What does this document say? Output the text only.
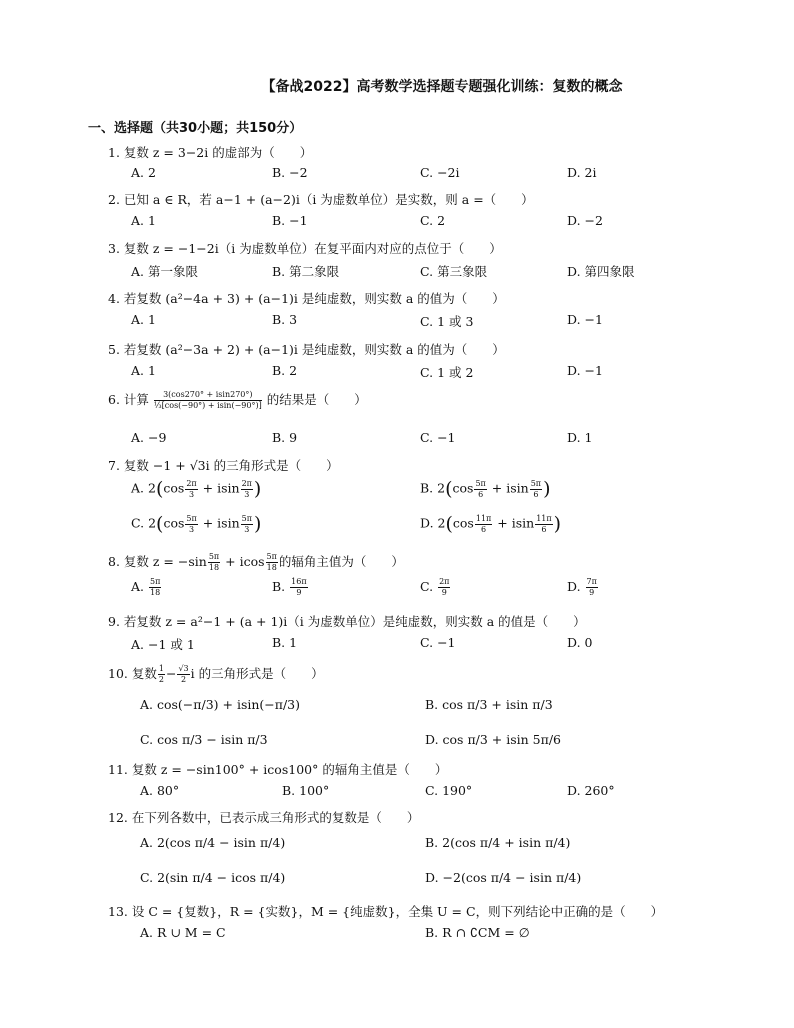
【备战2022】高考数学选择题专题强化训练：复数的概念
一、选择题（共30小题；共150分）
1. 复数 z = 3−2i 的虚部为（　　）
A. 2	B. −2	C. −2i	D. 2i
2. 已知 a ∈ R，若 a−1 + (a−2)i（i 为虚数单位）是实数，则 a =（　　）
A. 1	B. −1	C. 2	D. −2
3. 复数 z = −1−2i（i 为虚数单位）在复平面内对应的点位于（　　）
A. 第一象限	B. 第二象限	C. 第三象限	D. 第四象限
4. 若复数 (a²−4a + 3) + (a−1)i 是纯虚数，则实数 a 的值为（　　）
A. 1	B. 3	C. 1 或 3	D. −1
5. 若复数 (a²−3a + 2) + (a−1)i 是纯虚数，则实数 a 的值为（　　）
A. 1	B. 2	C. 1 或 2	D. −1
6. 计算 $\frac{3(\cos 270^\circ + isin270^\circ)}{\text{⅓[cos(−90°) + isin(−90°)]}}$ 的结果是（　　）
A. −9	B. 9	C. −1	D. 1
7. 复数 −1 + √3i 的三角形式是（　　）
A. $2(\cos \frac{2\pi}{3} + isin \frac{2\pi}{3}$ )	B. $2(\cos \frac{5\pi}{6} + isin \frac{5\pi}{6}$ )
C. $2(\cos \frac{5\pi}{3} + isin \frac{5\pi}{3}$ )	D. $2(\cos \frac{11\pi}{6} + isin \frac{11\pi}{6}$ )
8. 复数 $z = -\sin \frac{5\pi}{18} + icos \frac{5\pi}{18}$ 的辐角主值为（　　）
A. $\frac{5\pi}{18}$	B. $\frac{16\pi}{9}$	C. $\frac{2\pi}{9}$	D. $\frac{7\pi}{9}$
9. 若复数 z = a²−1 + (a + 1)i（i 为虚数单位）是纯虚数，则实数 a 的值是（　　）
A. −1 或 1	B. 1	C. −1	D. 0
10. 复数 $\frac{1}{2} - \frac{√3}{2}$ i 的三角形式是（　　）
A. cos(−π/3) + isin(−π/3)	B. cos π/3 + isin π/3
C. cos π/3 − isin π/3	D. cos π/3 + isin 5π/6
11. 复数 z = −sin100° + icos100° 的辐角主值是（　　）
A. 80°	B. 100°	C. 190°	D. 260°
12. 在下列各数中，已表示成三角形式的复数是（　　）
A. 2(cos π/4 − isin π/4)	B. 2(cos π/4 + isin π/4)
C. 2(sin π/4 − icos π/4)	D. −2(cos π/4 − isin π/4)
13. 设 C = {复数}，R = {实数}，M = {纯虚数}，全集 U = C，则下列结论中正确的是（　　）
A. R ∪ M = C	B. R ∩ ∁CM = ∅
